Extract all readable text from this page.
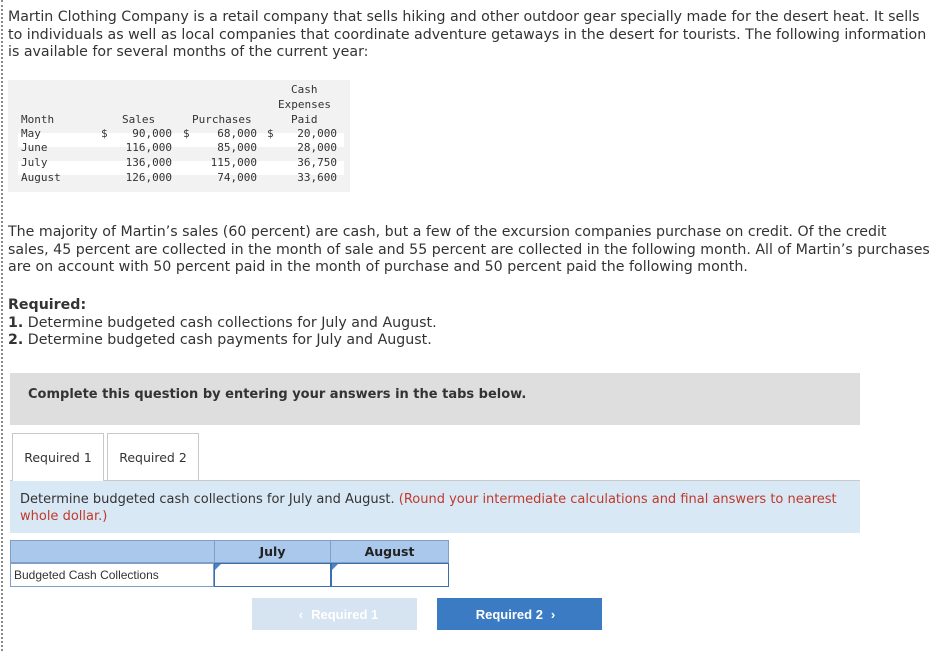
Martin Clothing Company is a retail company that sells hiking and other outdoor gear specially made for the desert heat. It sells to individuals as well as local companies that coordinate adventure getaways in the desert for tourists. The following information is available for several months of the current year:

Cash
Expenses
Month	Sales	Purchases	Paid
May	$	90,000 $	68,000 $	20,000
June	116,000	85,000	28,000
July	136,000	115,000	36,750
August	126,000	74,000	33,600

The majority of Martin’s sales (60 percent) are cash, but a few of the excursion companies purchase on credit. Of the credit sales, 45 percent are collected in the month of sale and 55 percent are collected in the following month. All of Martin’s purchases are on account with 50 percent paid in the month of purchase and 50 percent paid the following month.

Required:
1. Determine budgeted cash collections for July and August.
2. Determine budgeted cash payments for July and August.
Complete this question by entering your answers in the tabs below.
Required 1 Required 2
Determine budgeted cash collections for July and August. (Round your intermediate calculations and final answers to nearest whole dollar.)
July	August
Budgeted Cash Collections
‹ Required 1	Required 2 ›
